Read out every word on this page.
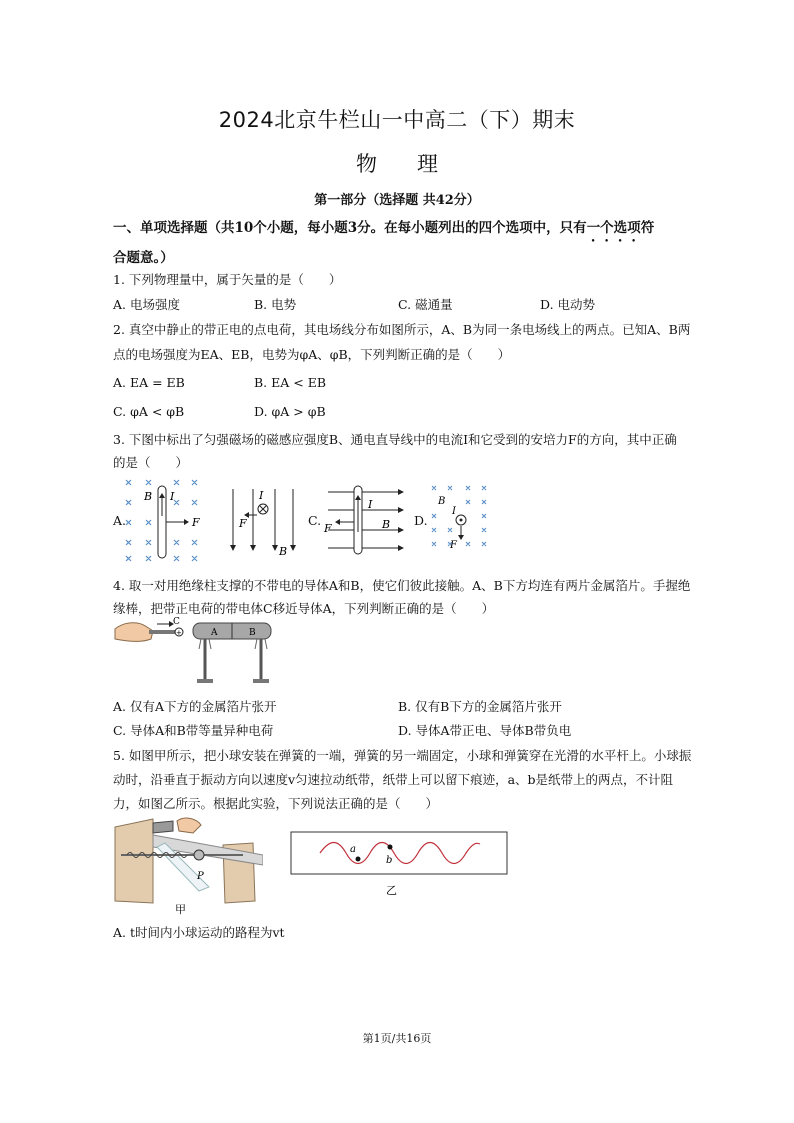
2024北京牛栏山一中高二（下）期末
物 理
第一部分（选择题 共42分）
一、单项选择题（共10个小题，每小题3分。在每小题列出的四个选项中，只有一个选项符
合题意。）
1. 下列物理量中，属于矢量的是（　　）
A. 电场强度	B. 电势	C. 磁通量	D. 电动势
2. 真空中静止的带正电的点电荷，其电场线分布如图所示，A、B为同一条电场线上的两点。已知A、B两
点的电场强度为EA、EB，电势为φA、φB，下列判断正确的是（　　）
A. EA = EB	B. EA < EB
C. φA < φB	D. φA > φB
3. 下图中标出了匀强磁场的磁感应强度B、通电直导线中的电流I和它受到的安培力F的方向，其中正确
的是（　　）
A.
B I
F
I
F
B
C.
I
F	B D.
B
I
F
4. 取一对用绝缘柱支撑的不带电的导体A和B，使它们彼此接触。A、B下方均连有两片金属箔片。手握绝
缘棒，把带正电荷的带电体C移近导体A，下列判断正确的是（　　）
+
C
A	B
A. 仅有A下方的金属箔片张开	B. 仅有B下方的金属箔片张开
C. 导体A和B带等量异种电荷	D. 导体A带正电、导体B带负电
5. 如图甲所示，把小球安装在弹簧的一端，弹簧的另一端固定，小球和弹簧穿在光滑的水平杆上。小球振
动时，沿垂直于振动方向以速度v匀速拉动纸带，纸带上可以留下痕迹，a、b是纸带上的两点，不计阻
力，如图乙所示。根据此实验，下列说法正确的是（　　）
P
甲
a
b
乙
A. t时间内小球运动的路程为vt
第1页/共16页
